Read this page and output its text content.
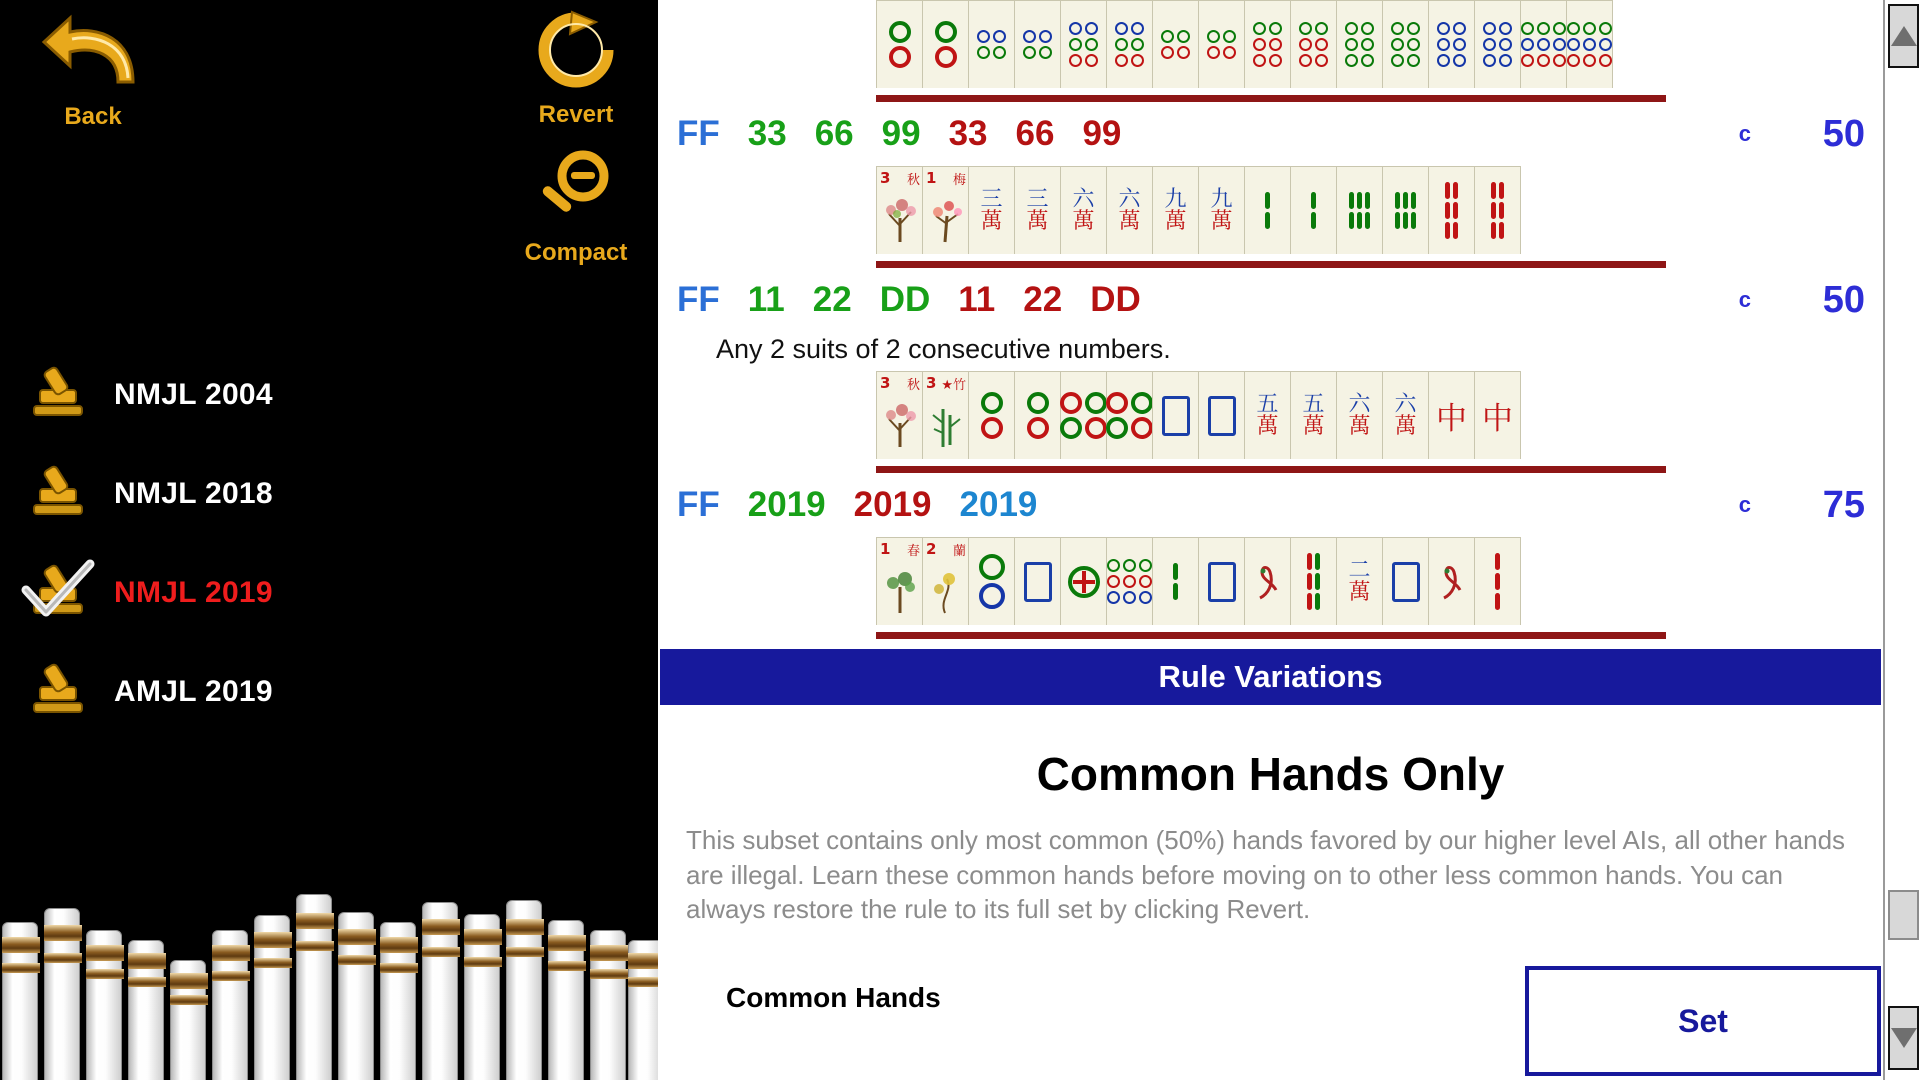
Back	Revert
Compact
NMJL 2004
NMJL 2018
NMJL 2019
AMJL 2019
FF 33 66 99 33 66 99	c 50
3 秋 1 梅
三
萬
三
萬
六
萬
六
萬
九
萬
九
萬
FF 11 22 DD 11 22 DD	c 50
Any 2 suits of 2 consecutive numbers.
3 秋 3 ★竹
五
萬
五
萬
六
萬
六
萬 中 中
FF 2019 2019 2019	c 75
1 春 2 蘭
二
萬
Rule Variations
Common Hands Only
This subset contains only most common (50%) hands favored by our higher level AIs, all other hands are illegal. Learn these common hands before moving on to other less common hands. You can always restore the rule to its full set by clicking Revert.
Common Hands
Set
